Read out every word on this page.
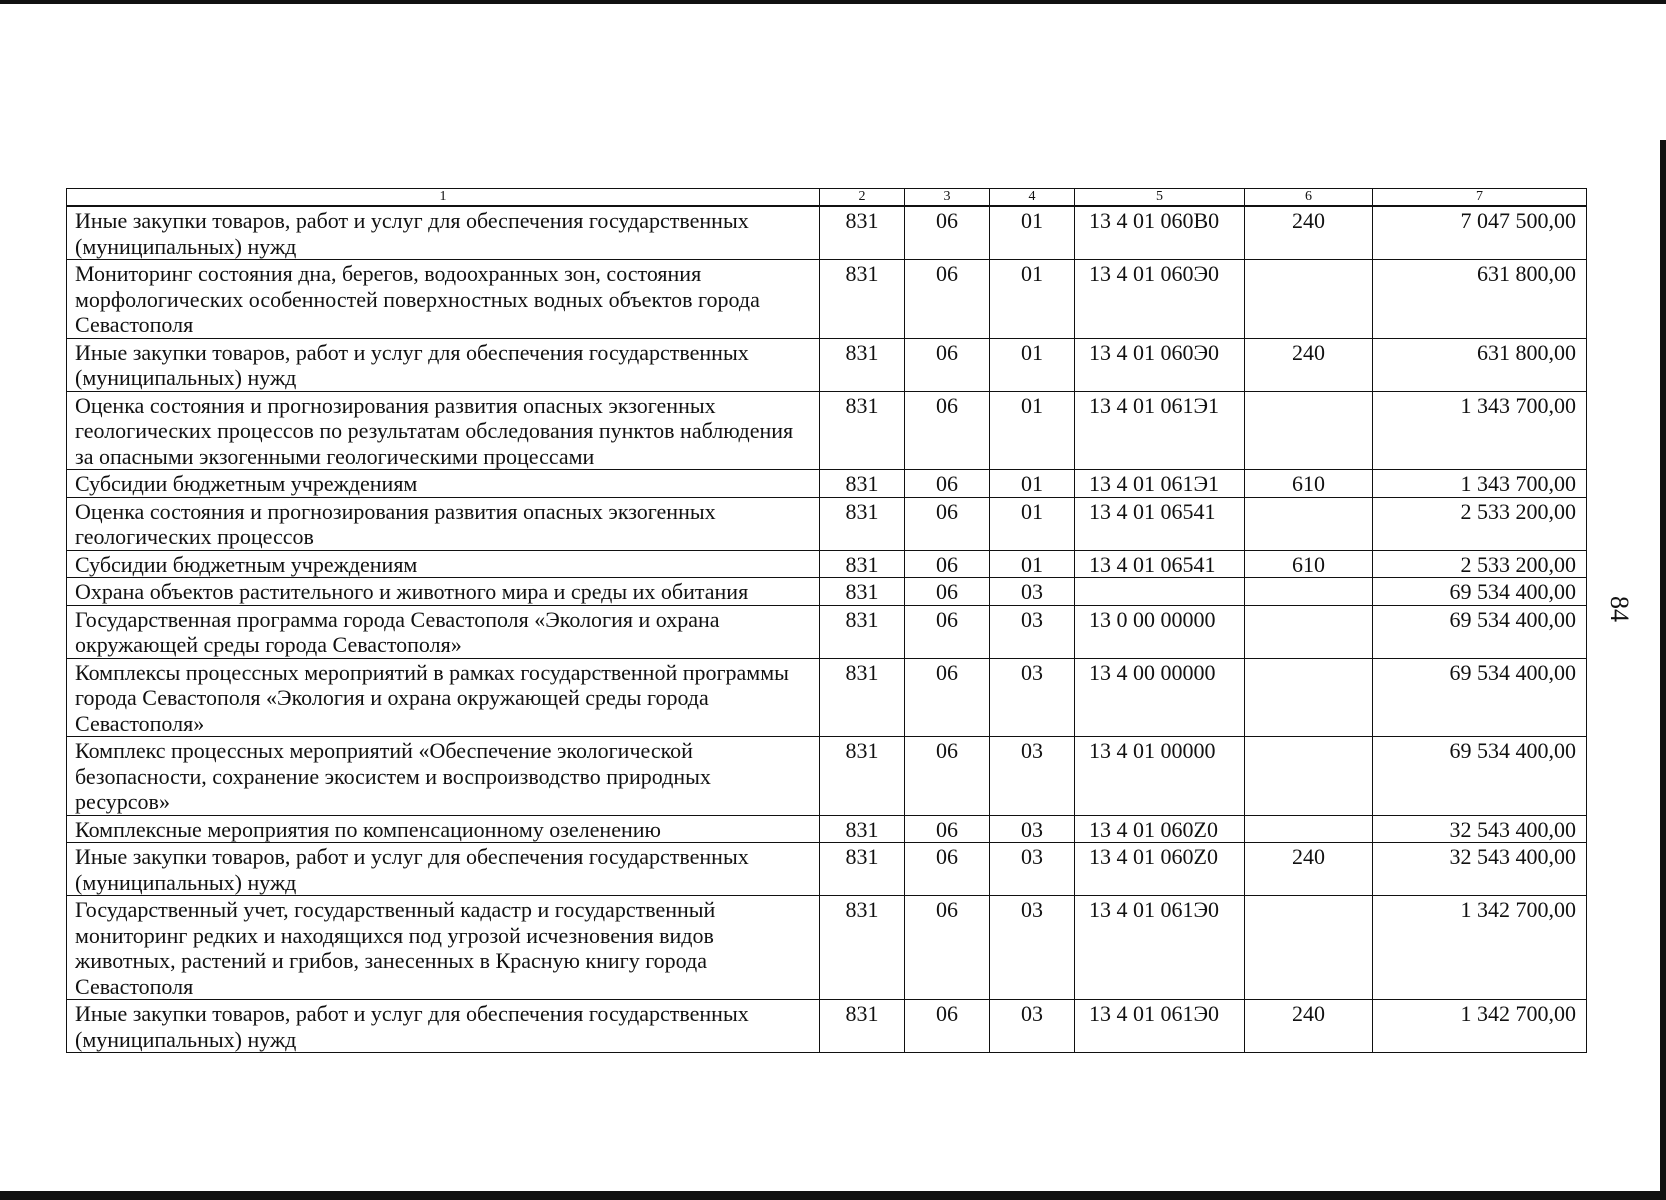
84
1	2	3	4	5	6	7
Иные закупки товаров, работ и услуг для обеспечения государственных (муниципальных) нужд	831	06	01	13 4 01 060В0	240	7 047 500,00
Мониторинг состояния дна, берегов, водоохранных зон, состояния морфологических особенностей поверхностных водных объектов города Севастополя	831	06	01	13 4 01 060Э0		631 800,00
Иные закупки товаров, работ и услуг для обеспечения государственных (муниципальных) нужд	831	06	01	13 4 01 060Э0	240	631 800,00
Оценка состояния и прогнозирования развития опасных экзогенных геологических процессов по результатам обследования пунктов наблюдения за опасными экзогенными геологическими процессами	831	06	01	13 4 01 061Э1		1 343 700,00
Субсидии бюджетным учреждениям	831	06	01	13 4 01 061Э1	610	1 343 700,00
Оценка состояния и прогнозирования развития опасных экзогенных геологических процессов	831	06	01	13 4 01 06541		2 533 200,00
Субсидии бюджетным учреждениям	831	06	01	13 4 01 06541	610	2 533 200,00
Охрана объектов растительного и животного мира и среды их обитания	831	06	03			69 534 400,00
Государственная программа города Севастополя «Экология и охрана окружающей среды города Севастополя»	831	06	03	13 0 00 00000		69 534 400,00
Комплексы процессных мероприятий в рамках государственной программы города Севастополя «Экология и охрана окружающей среды города Севастополя»	831	06	03	13 4 00 00000		69 534 400,00
Комплекс процессных мероприятий «Обеспечение экологической безопасности, сохранение экосистем и воспроизводство природных ресурсов»	831	06	03	13 4 01 00000		69 534 400,00
Комплексные мероприятия по компенсационному озеленению	831	06	03	13 4 01 060Z0		32 543 400,00
Иные закупки товаров, работ и услуг для обеспечения государственных (муниципальных) нужд	831	06	03	13 4 01 060Z0	240	32 543 400,00
Государственный учет, государственный кадастр и государственный мониторинг редких и находящихся под угрозой исчезновения видов животных, растений и грибов, занесенных в Красную книгу города Севастополя	831	06	03	13 4 01 061Э0		1 342 700,00
Иные закупки товаров, работ и услуг для обеспечения государственных (муниципальных) нужд	831	06	03	13 4 01 061Э0	240	1 342 700,00
